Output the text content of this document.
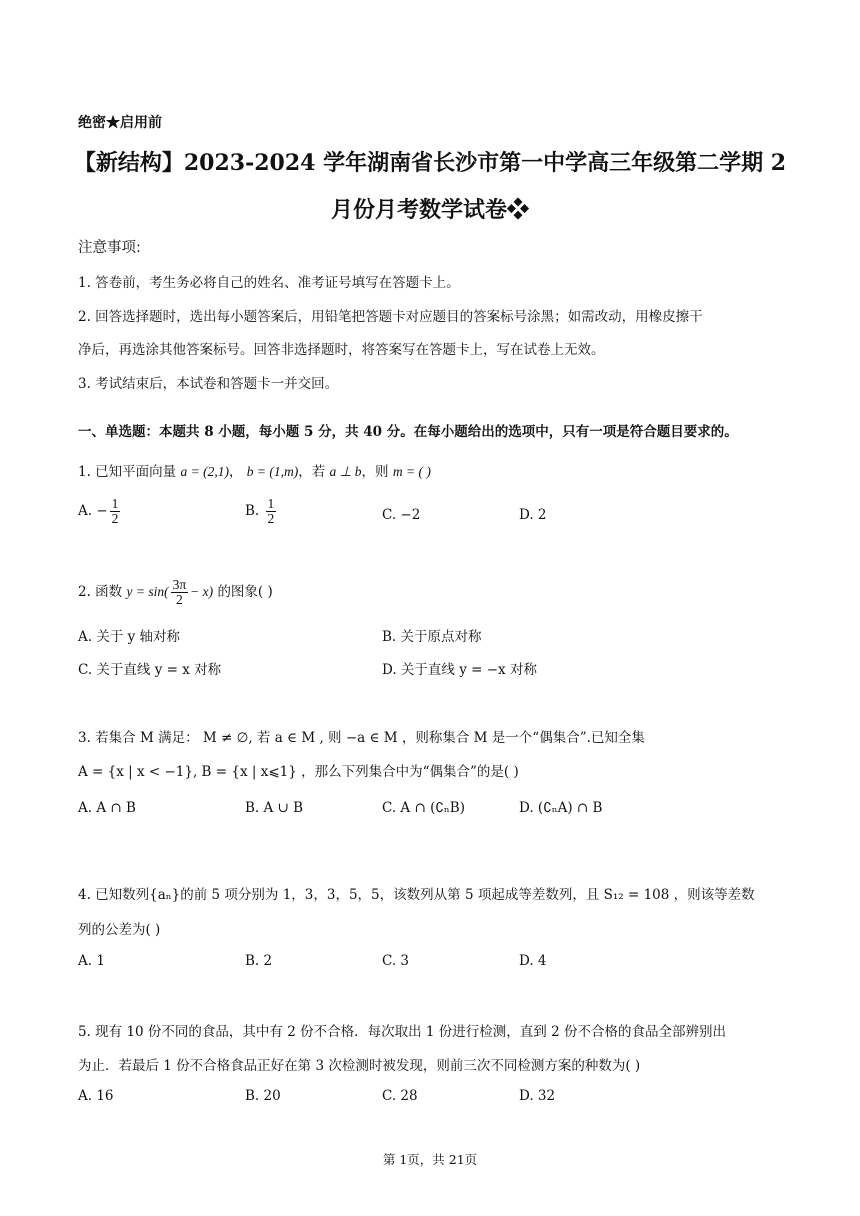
绝密★启用前
【新结构】2023-2024 学年湖南省长沙市第一中学高三年级第二学期 2
月份月考数学试卷❖
注意事项:
1. 答卷前，考生务必将自己的姓名、准考证号填写在答题卡上。
2. 回答选择题时，选出每小题答案后，用铅笔把答题卡对应题目的答案标号涂黑；如需改动，用橡皮擦干
净后，再选涂其他答案标号。回答非选择题时，将答案写在答题卡上，写在试卷上无效。
3. 考试结束后，本试卷和答题卡一并交回。
一、单选题：本题共 8 小题，每小题 5 分，共 40 分。在每小题给出的选项中，只有一项是符合题目要求的。
1. 已知平面向量 a = (2,1)， b = (1,m)，若 a ⊥ b，则 m = ( )
A. − $\frac{1}{2}$	B. $\frac{1}{2}$	C. −2	D. 2
2. 函数 $y = \sin( \frac{3\pi}{2} - x)$ 的图象( )
A. 关于 y 轴对称	B. 关于原点对称
C. 关于直线 y = x 对称	D. 关于直线 y = −x 对称
3. 若集合 M 满足： M ≠ ∅, 若 a ∈ M , 则 −a ∈ M ，则称集合 M 是一个“偶集合”.已知全集
A = {x | x < −1}, B = {x | x⩽1} ，那么下列集合中为“偶集合”的是( )
A. A ∩ B	B. A ∪ B	C. A ∩ (∁ₙB)	D. (∁ₙA) ∩ B
4. 已知数列{aₙ}的前 5 项分别为 1，3，3，5，5，该数列从第 5 项起成等差数列，且 S₁₂ = 108 ，则该等差数
列的公差为( )
A. 1	B. 2	C. 3	D. 4
5. 现有 10 份不同的食品，其中有 2 份不合格．每次取出 1 份进行检测，直到 2 份不合格的食品全部辨别出
为止．若最后 1 份不合格食品正好在第 3 次检测时被发现，则前三次不同检测方案的种数为( )
A. 16	B. 20	C. 28	D. 32
第 1页，共 21页
